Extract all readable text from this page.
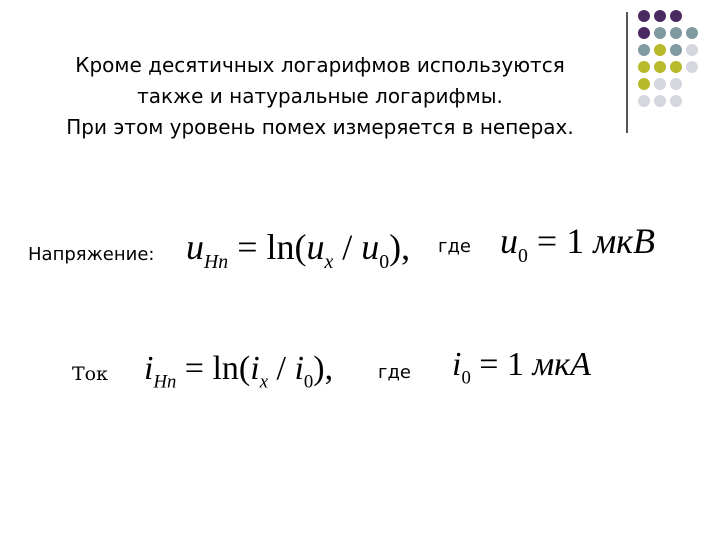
Кроме десятичных логарифмов используются
также и натуральные логарифмы.
При этом уровень помех измеряется в неперах.
Напряжение: $u_{Hn} = \ln(u_x / u_0)$, где $u_0 = 1$ мкВ
Ток $i_{Hn} = \ln(i_x / i_0)$, где $i_0 = 1$ мкА
